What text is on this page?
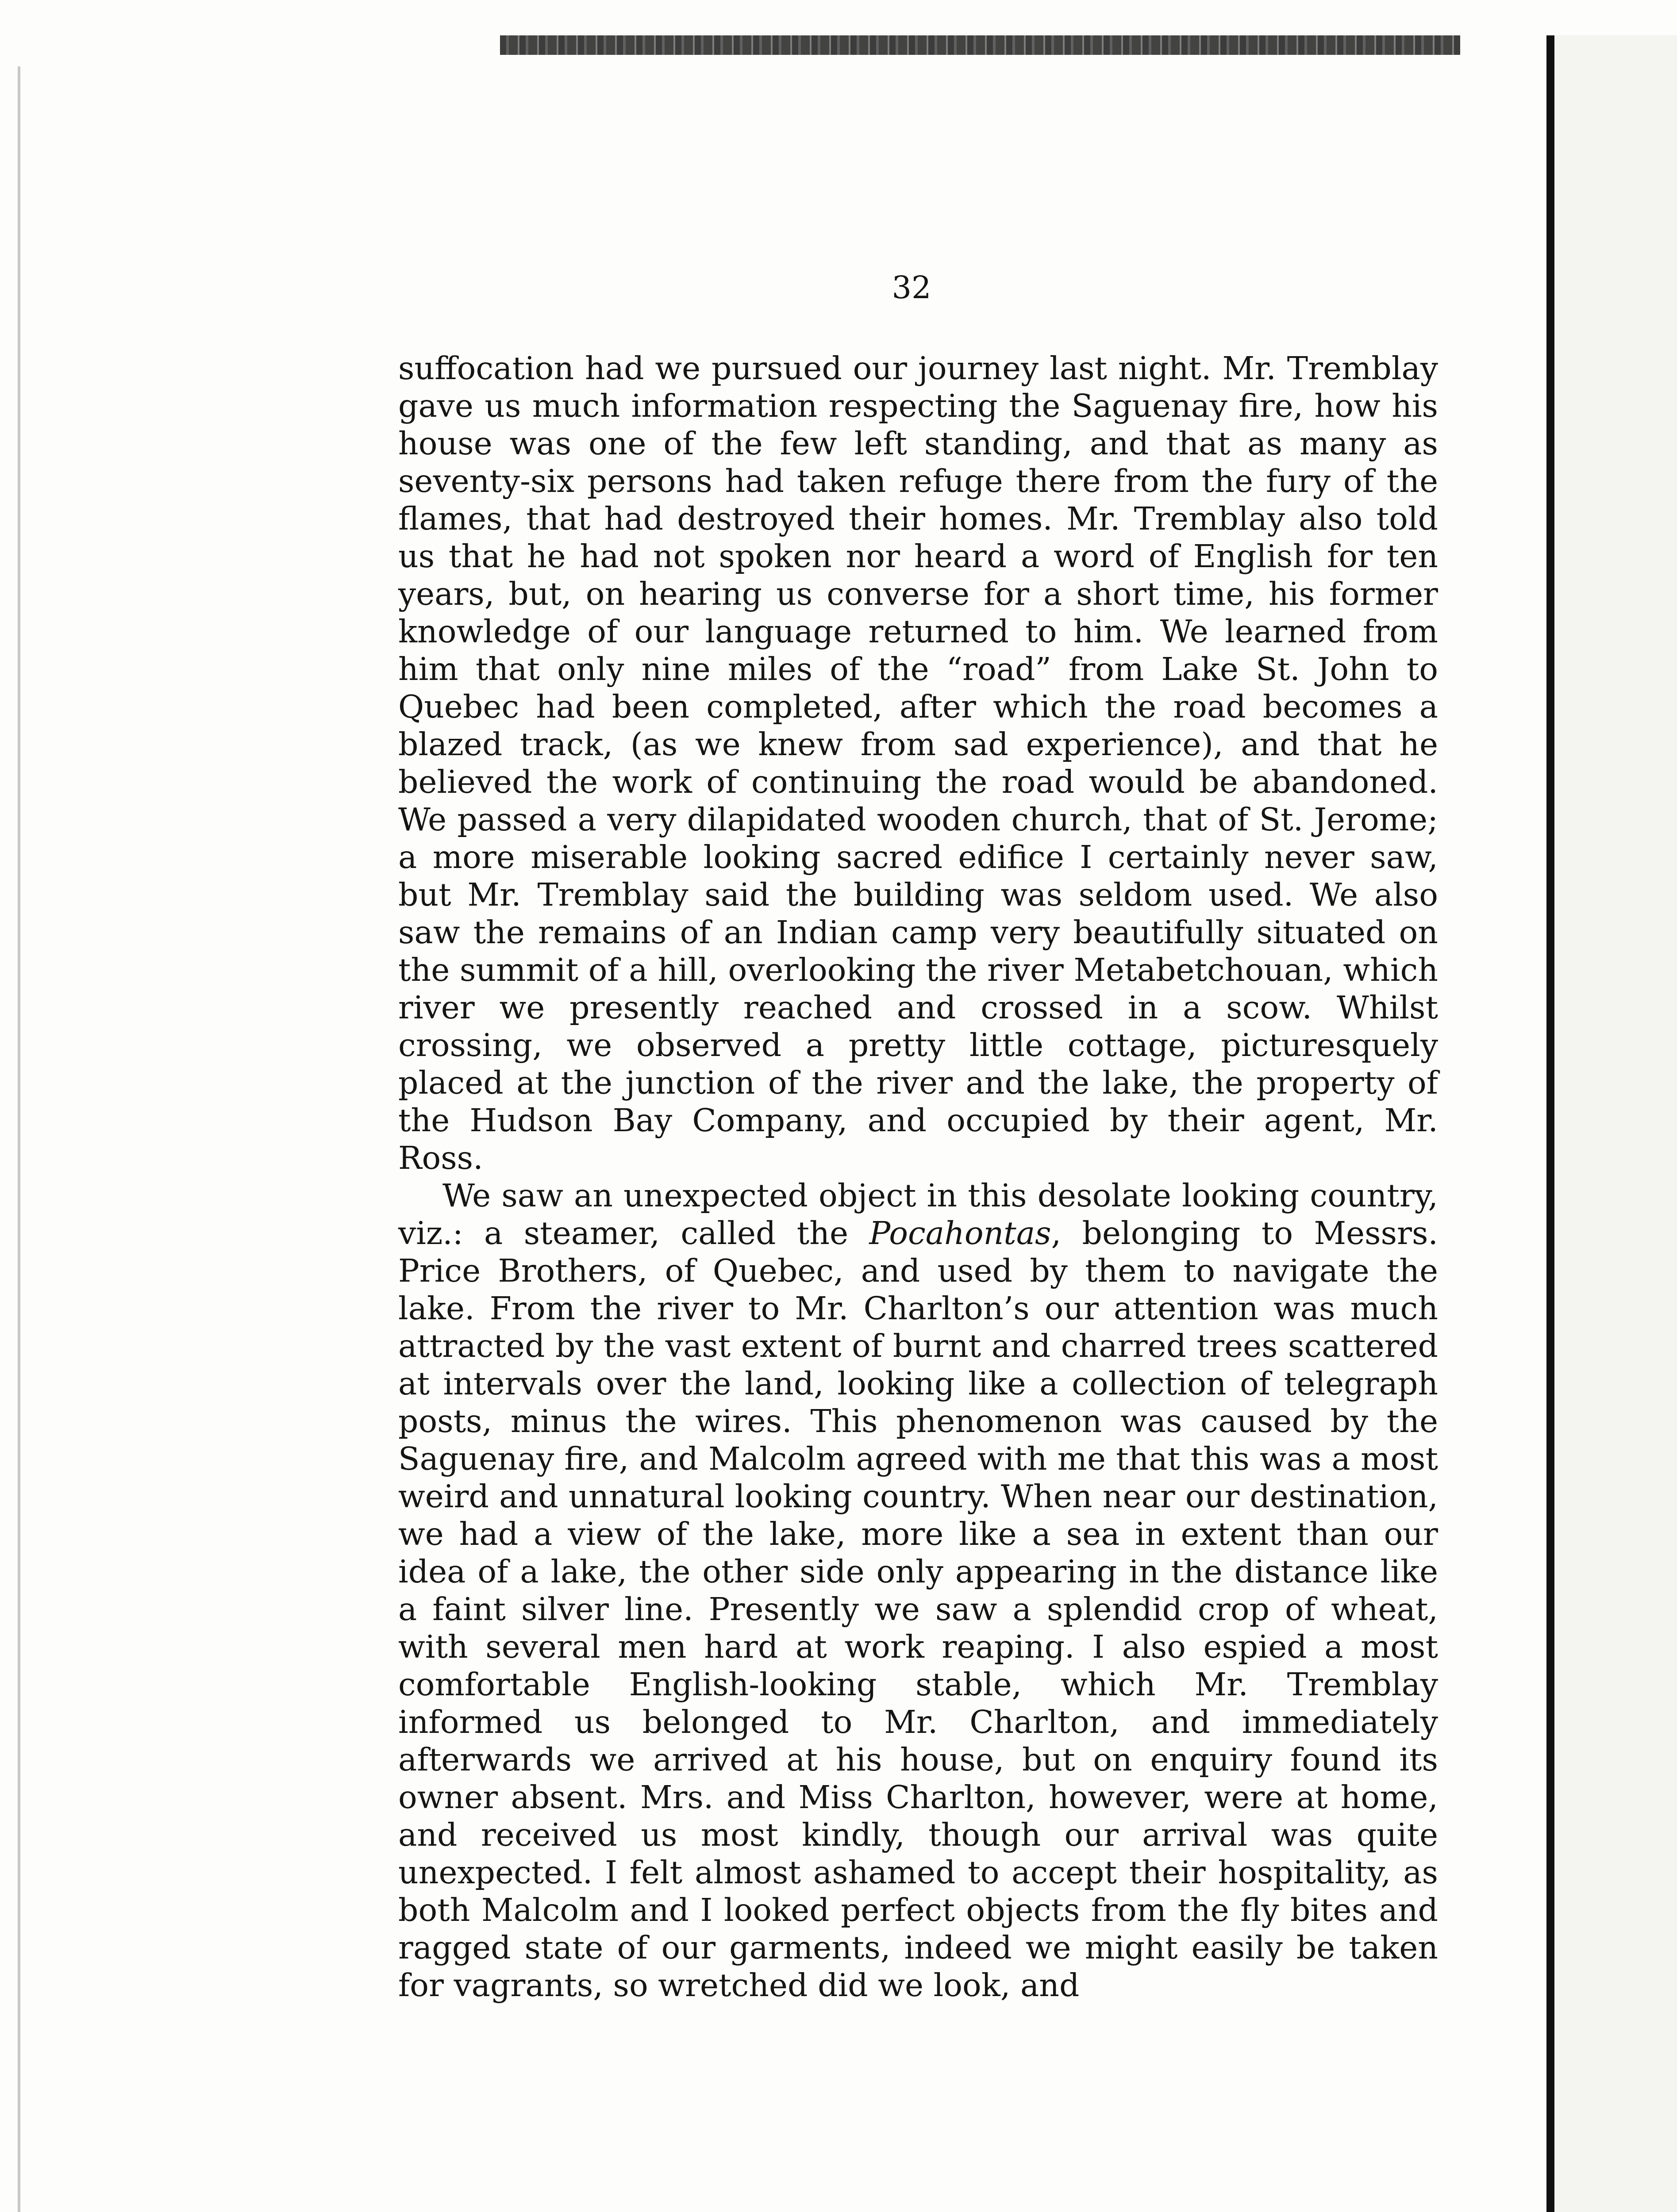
32

suffocation had we pursued our journey last night. Mr. Tremblay gave us much information respecting the Saguenay fire, how his house was one of the few left standing, and that as many as seventy-six persons had taken refuge there from the fury of the flames, that had destroyed their homes. Mr. Tremblay also told us that he had not spoken nor heard a word of English for ten years, but, on hearing us converse for a short time, his former knowledge of our language returned to him. We learned from him that only nine miles of the “road” from Lake St. John to Quebec had been completed, after which the road becomes a blazed track, (as we knew from sad experience), and that he believed the work of continuing the road would be abandoned. We passed a very dilapidated wooden church, that of St. Jerome; a more miserable looking sacred edifice I certainly never saw, but Mr. Tremblay said the building was seldom used. We also saw the remains of an Indian camp very beautifully situated on the summit of a hill, overlooking the river Metabetchouan, which river we presently reached and crossed in a scow. Whilst crossing, we observed a pretty little cottage, picturesquely placed at the junction of the river and the lake, the property of the Hudson Bay Company, and occupied by their agent, Mr. Ross.

We saw an unexpected object in this desolate looking country, viz.: a steamer, called the Pocahontas, belonging to Messrs. Price Brothers, of Quebec, and used by them to navigate the lake. From the river to Mr. Charlton’s our attention was much attracted by the vast extent of burnt and charred trees scattered at intervals over the land, looking like a collection of telegraph posts, minus the wires. This phenomenon was caused by the Saguenay fire, and Malcolm agreed with me that this was a most weird and unnatural looking country. When near our destination, we had a view of the lake, more like a sea in extent than our idea of a lake, the other side only appearing in the distance like a faint silver line. Presently we saw a splendid crop of wheat, with several men hard at work reaping. I also espied a most comfortable English-looking stable, which Mr. Tremblay informed us belonged to Mr. Charlton, and immediately afterwards we arrived at his house, but on enquiry found its owner absent. Mrs. and Miss Charlton, however, were at home, and received us most kindly, though our arrival was quite unexpected. I felt almost ashamed to accept their hospitality, as both Malcolm and I looked perfect objects from the fly bites and ragged state of our garments, indeed we might easily be taken for vagrants, so wretched did we look, and
